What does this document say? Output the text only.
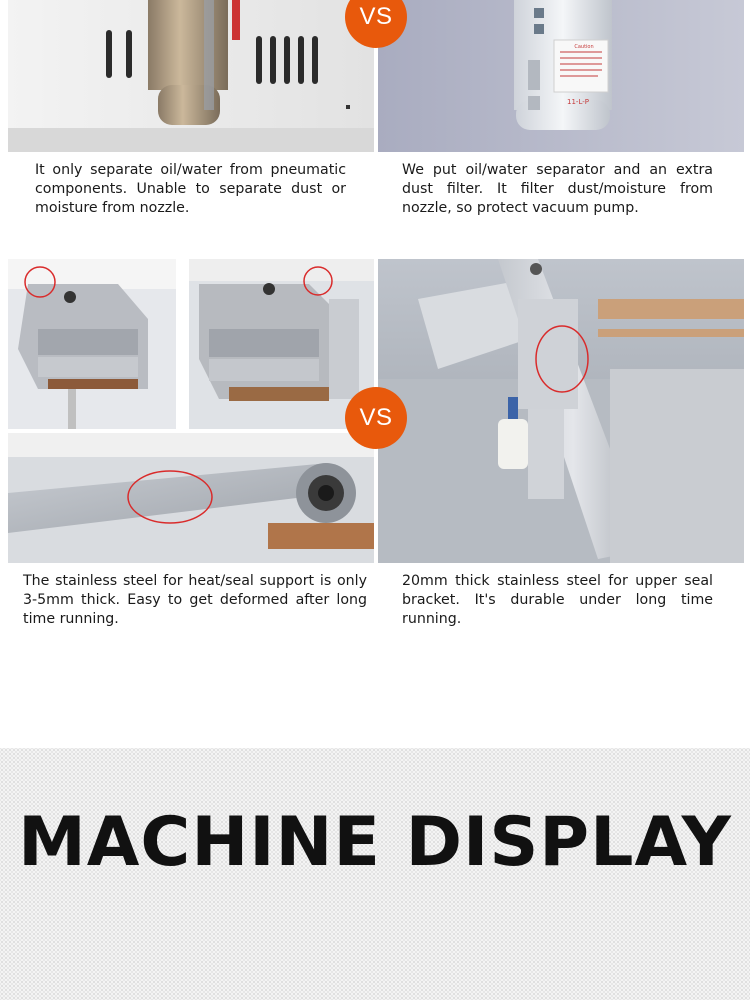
Caution
11-L-P
VS

It only separate oil/water from pneumatic components. Unable to separate dust or moisture from nozzle.

We put oil/water separator and an extra dust filter. It filter dust/moisture from nozzle, so protect vacuum pump.

VS

The stainless steel for heat/seal support is only 3-5mm thick. Easy to get deformed after long time running.

20mm thick stainless steel for upper seal bracket. It's durable under long time running.

MACHINE DISPLAY
